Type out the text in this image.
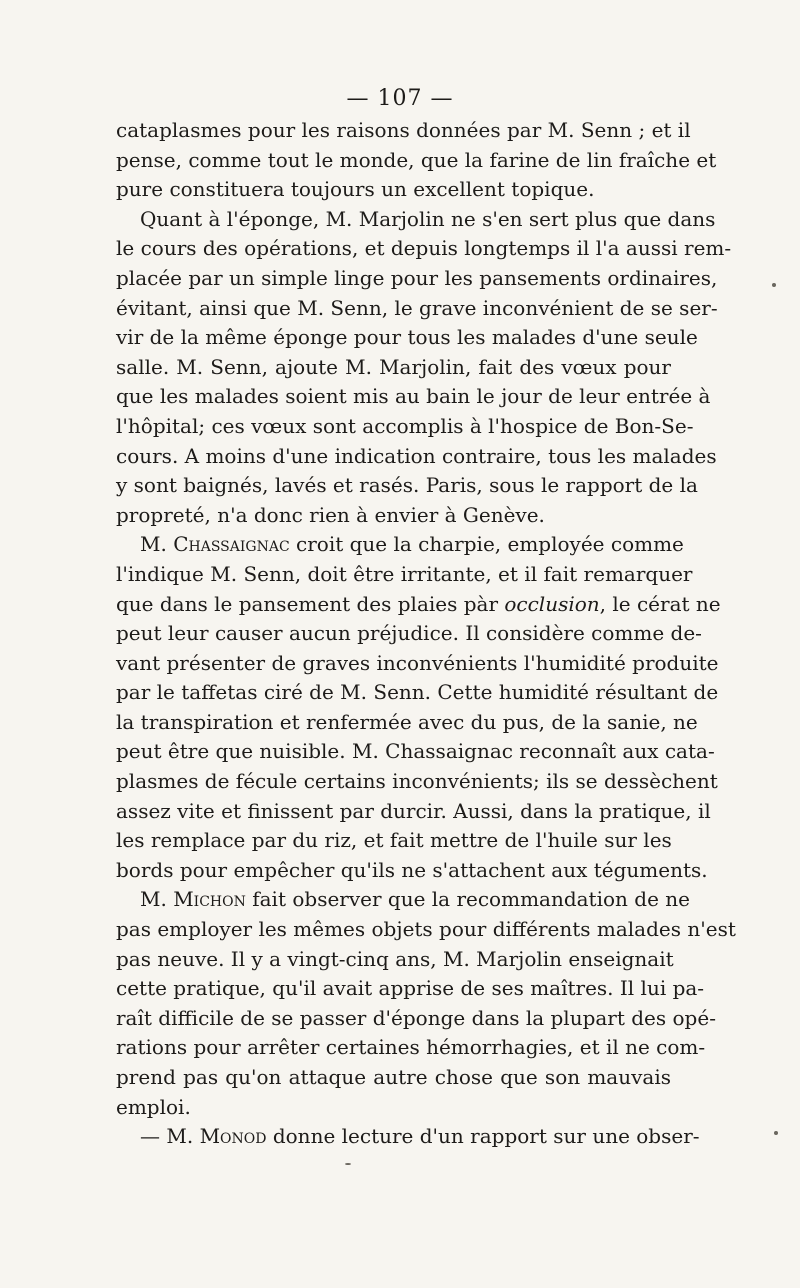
— 107 —
cataplasmes pour les raisons données par M. Senn ; et il
pense, comme tout le monde, que la farine de lin fraîche et
pure constituera toujours un excellent topique.
Quant à l'éponge, M. Marjolin ne s'en sert plus que dans
le cours des opérations, et depuis longtemps il l'a aussi rem-
placée par un simple linge pour les pansements ordinaires,
évitant, ainsi que M. Senn, le grave inconvénient de se ser-
vir de la même éponge pour tous les malades d'une seule
salle. M. Senn, ajoute M. Marjolin, fait des vœux pour
que les malades soient mis au bain le jour de leur entrée à
l'hôpital; ces vœux sont accomplis à l'hospice de Bon-Se-
cours. A moins d'une indication contraire, tous les malades
y sont baignés, lavés et rasés. Paris, sous le rapport de la
propreté, n'a donc rien à envier à Genève.
M. Chassaignac croit que la charpie, employée comme
l'indique M. Senn, doit être irritante, et il fait remarquer
que dans le pansement des plaies pàr occlusion, le cérat ne
peut leur causer aucun préjudice. Il considère comme de-
vant présenter de graves inconvénients l'humidité produite
par le taffetas ciré de M. Senn. Cette humidité résultant de
la transpiration et renfermée avec du pus, de la sanie, ne
peut être que nuisible. M. Chassaignac reconnaît aux cata-
plasmes de fécule certains inconvénients; ils se dessèchent
assez vite et finissent par durcir. Aussi, dans la pratique, il
les remplace par du riz, et fait mettre de l'huile sur les
bords pour empêcher qu'ils ne s'attachent aux téguments.
M. Michon fait observer que la recommandation de ne
pas employer les mêmes objets pour différents malades n'est
pas neuve. Il y a vingt-cinq ans, M. Marjolin enseignait
cette pratique, qu'il avait apprise de ses maîtres. Il lui pa-
raît difficile de se passer d'éponge dans la plupart des opé-
rations pour arrêter certaines hémorrhagies, et il ne com-
prend pas qu'on attaque autre chose que son mauvais
emploi.
— M. Monod donne lecture d'un rapport sur une obser-
